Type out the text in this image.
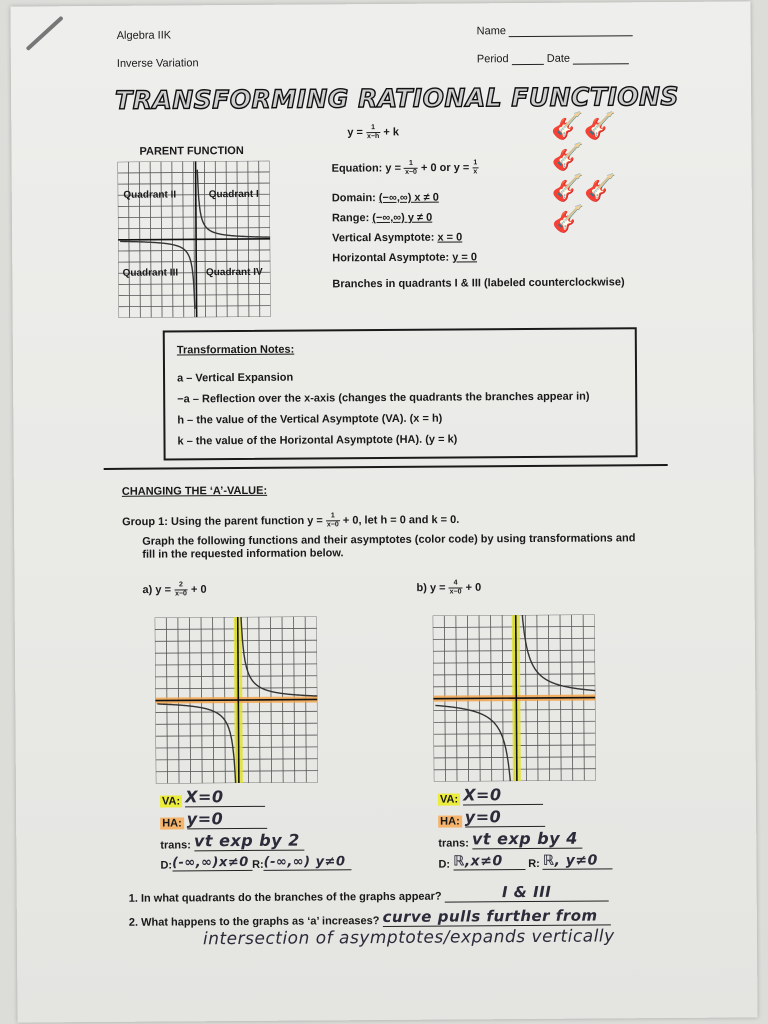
Algebra IIK
Inverse Variation
Name
Period	Date
TRANSFORMING RATIONAL FUNCTIONS
$y = \frac{1}{x-h} + k$	🎸🎸🎸
🎸🎸🎸
PARENT FUNCTION
Quadrant II	Quadrant I
Quadrant III	Quadrant IV
Equation: $y = \frac{1}{x-0} + 0$ or $y = \frac{1}{x}$
Domain: (−∞,∞) x ≠ 0
Range: (−∞,∞) y ≠ 0
Vertical Asymptote: x = 0
Horizontal Asymptote: y = 0
Branches in quadrants I & III (labeled counterclockwise)
Transformation Notes:
a – Vertical Expansion
−a – Reflection over the x-axis (changes the quadrants the branches appear in)
h – the value of the Vertical Asymptote (VA). (x = h)
k – the value of the Horizontal Asymptote (HA). (y = k)
CHANGING THE ‘A’-VALUE:
Group 1: Using the parent function $y = \frac{1}{x-0} + 0$, let h = 0 and k = 0.
Graph the following functions and their asymptotes (color code) by using transformations and fill in the requested information below.
a) $y = \frac{2}{x-0} + 0$	b) $y = \frac{4}{x-0} + 0$
VA: X=0
HA: y=0
trans: vt exp by 2
D:(-∞,∞)x≠0 R:(-∞,∞) y≠0
VA: X=0
HA: y=0
trans: vt exp by 4
D: ℝ,x≠0 R: ℝ, y≠0
1. In what quadrants do the branches of the graphs appear?	I & III
2. What happens to the graphs as ‘a’ increases? curve pulls further from
intersection of asymptotes/expands vertically
